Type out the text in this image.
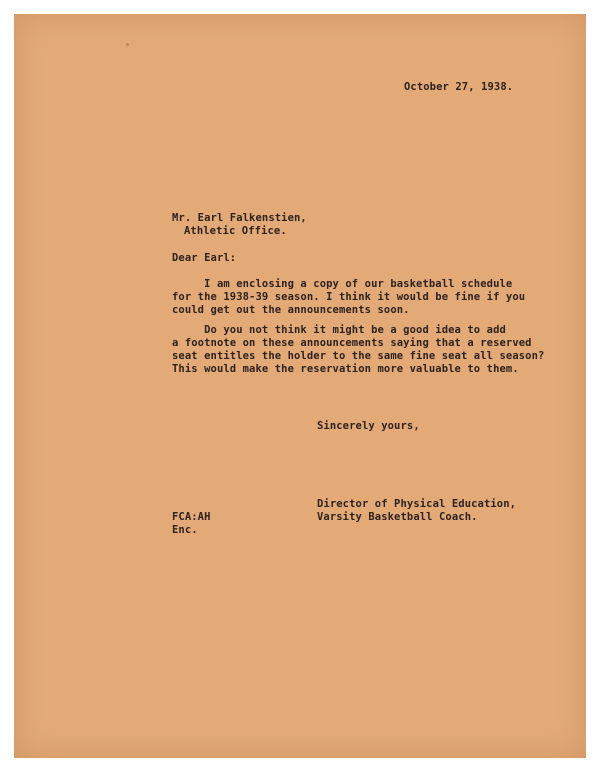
October 27, 1938.
Mr. Earl Falkenstien,
Athletic Office.
Dear Earl:
I am enclosing a copy of our basketball schedule
for the 1938-39 season. I think it would be fine if you
could get out the announcements soon.
Do you not think it might be a good idea to add
a footnote on these announcements saying that a reserved
seat entitles the holder to the same fine seat all season?
This would make the reservation more valuable to them.
Sincerely yours,
Director of Physical Education,
Varsity Basketball Coach.
FCA:AH
Enc.
